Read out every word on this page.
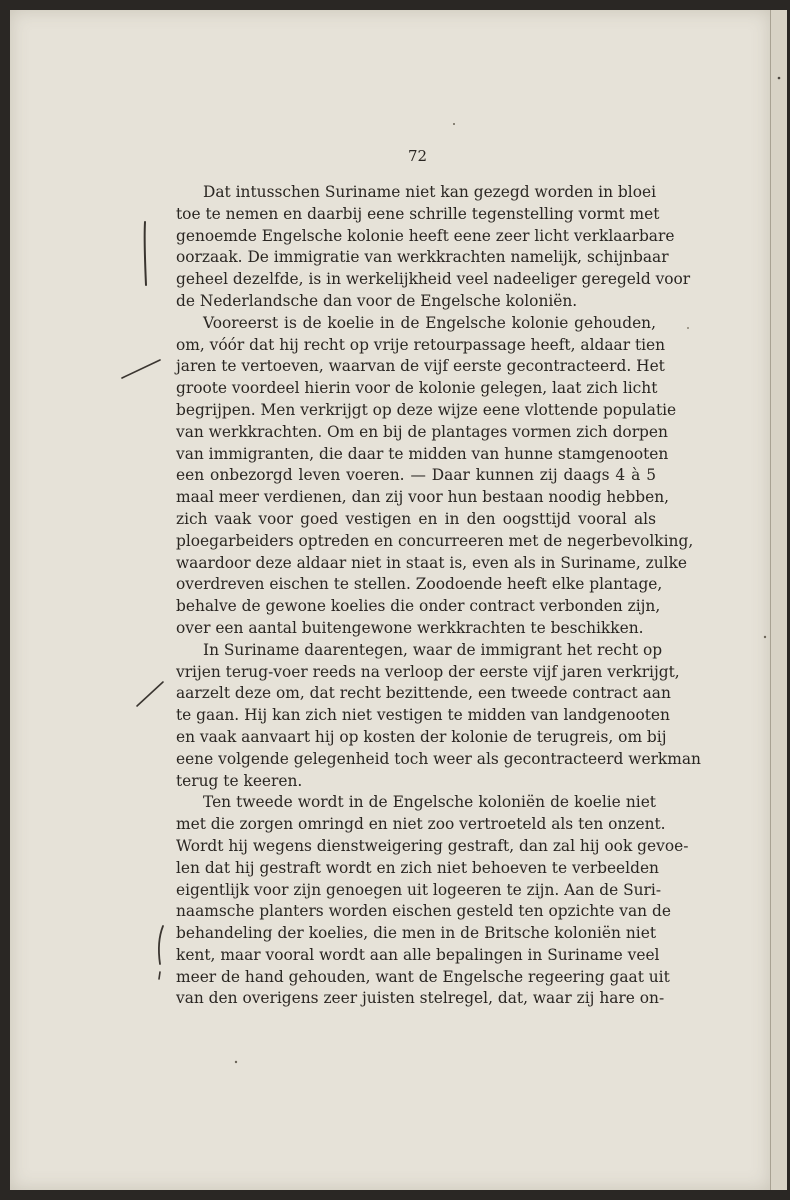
72
Dat intusschen Suriname niet kan gezegd worden in bloei
toe te nemen en daarbij eene schrille tegenstelling vormt met
genoemde Engelsche kolonie heeft eene zeer licht verklaarbare
oorzaak. De immigratie van werkkrachten namelijk, schijnbaar
geheel dezelfde, is in werkelijkheid veel nadeeliger geregeld voor
de Nederlandsche dan voor de Engelsche koloniën.
Vooreerst is de koelie in de Engelsche kolonie gehouden,
om, vóór dat hij recht op vrije retourpassage heeft, aldaar tien
jaren te vertoeven, waarvan de vijf eerste gecontracteerd. Het
groote voordeel hierin voor de kolonie gelegen, laat zich licht
begrijpen. Men verkrijgt op deze wijze eene vlottende populatie
van werkkrachten. Om en bij de plantages vormen zich dorpen
van immigranten, die daar te midden van hunne stamgenooten
een onbezorgd leven voeren. — Daar kunnen zij daags 4 à 5
maal meer verdienen, dan zij voor hun bestaan noodig hebben,
zich vaak voor goed vestigen en in den oogsttijd vooral als
ploegarbeiders optreden en concurreeren met de negerbevolking,
waardoor deze aldaar niet in staat is, even als in Suriname, zulke
overdreven eischen te stellen. Zoodoende heeft elke plantage,
behalve de gewone koelies die onder contract verbonden zijn,
over een aantal buitengewone werkkrachten te beschikken.
In Suriname daarentegen, waar de immigrant het recht op
vrijen terug-voer reeds na verloop der eerste vijf jaren verkrijgt,
aarzelt deze om, dat recht bezittende, een tweede contract aan
te gaan. Hij kan zich niet vestigen te midden van landgenooten
en vaak aanvaart hij op kosten der kolonie de terugreis, om bij
eene volgende gelegenheid toch weer als gecontracteerd werkman
terug te keeren.
Ten tweede wordt in de Engelsche koloniën de koelie niet
met die zorgen omringd en niet zoo vertroeteld als ten onzent.
Wordt hij wegens dienstweigering gestraft, dan zal hij ook gevoe-
len dat hij gestraft wordt en zich niet behoeven te verbeelden
eigentlijk voor zijn genoegen uit logeeren te zijn. Aan de Suri-
naamsche planters worden eischen gesteld ten opzichte van de
behandeling der koelies, die men in de Britsche koloniën niet
kent, maar vooral wordt aan alle bepalingen in Suriname veel
meer de hand gehouden, want de Engelsche regeering gaat uit
van den overigens zeer juisten stelregel, dat, waar zij hare on-
